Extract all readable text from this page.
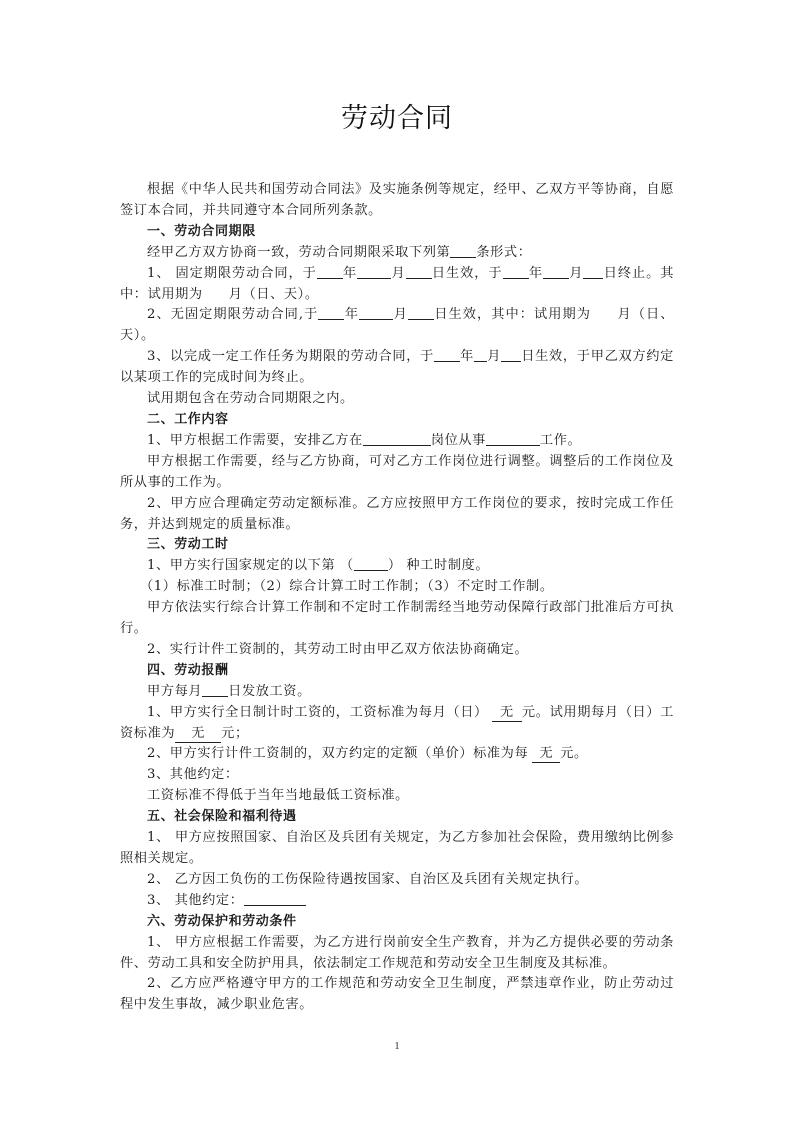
劳动合同

根据《中华人民共和国劳动合同法》及实施条例等规定，经甲、乙双方平等协商，自愿签订本合同，并共同遵守本合同所列条款。

一、劳动合同期限

经甲乙方双方协商一致，劳动合同期限采取下列第 条形式：

1、 固定期限劳动合同，于 年	月 日生效，于 年 月 日终止。其中：试用期为 月（日、天）。

2、无固定期限劳动合同,于 年	月 日生效，其中：试用期为 月（日、天）。

3、以完成一定工作任务为期限的劳动合同，于 年 月 日生效，于甲乙双方约定以某项工作的完成时间为终止。

试用期包含在劳动合同期限之内。

二、工作内容

1、甲方根据工作需要，安排乙方在	岗位从事	工作。

甲方根据工作需要，经与乙方协商，可对乙方工作岗位进行调整。调整后的工作岗位及所从事的工作为。

2、甲方应合理确定劳动定额标准。乙方应按照甲方工作岗位的要求，按时完成工作任务，并达到规定的质量标准。

三、劳动工时

1、甲方实行国家规定的以下第 （	） 种工时制度。

（1）标准工时制；（2）综合计算工时工作制；（3）不定时工作制。

甲方依法实行综合计算工作制和不定时工作制需经当地劳动保障行政部门批准后方可执行。

2、实行计件工资制的，其劳动工时由甲乙双方依法协商确定。

四、劳动报酬

甲方每月 日发放工资。

1、甲方实行全日制计时工资的，工资标准为每月（日） 无 元。试用期每月（日）工资标准为 无 元；

2、甲方实行计件工资制的，双方约定的定额（单价）标准为每 无 元。

3、其他约定：

工资标准不得低于当年当地最低工资标准。

五、社会保险和福利待遇

1、 甲方应按照国家、自治区及兵团有关规定，为乙方参加社会保险，费用缴纳比例参照相关规定。

2、 乙方因工负伤的工伤保险待遇按国家、自治区及兵团有关规定执行。

3、 其他约定：

六、劳动保护和劳动条件

1、 甲方应根据工作需要，为乙方进行岗前安全生产教育，并为乙方提供必要的劳动条件、劳动工具和安全防护用具，依法制定工作规范和劳动安全卫生制度及其标准。

2、乙方应严格遵守甲方的工作规范和劳动安全卫生制度，严禁违章作业，防止劳动过程中发生事故，减少职业危害。

1
